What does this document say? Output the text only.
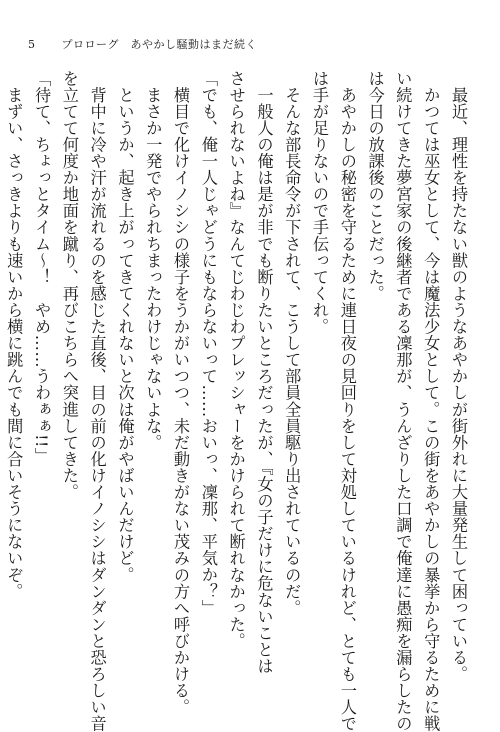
5 プロローグ　あやかし騒動はまだ続く
　最近、理性を持たない獣のようなあやかしが街外れに大量発生して困っている。
　かつては巫女として、今は魔法少女として。この街をあやかしの暴挙から守るために戦
い続けてきた夢宮家の後継者である凜那が、うんざりした口調で俺達に愚痴を漏らしたの
は今日の放課後のことだった。
　あやかしの秘密を守るために連日夜の見回りをして対処しているけれど、とても一人で
は手が足りないので手伝ってくれ。
　そんな部長命令が下されて、こうして部員全員駆り出されているのだ。
　一般人の俺は是が非でも断りたいところだったが、『女の子だけに危ないことは
させられないよね』なんてじわじわプレッシャーをかけられて断れなかった。
「でも、俺一人じゃどうにもならないって……おいっ、凜那、平気か？」
　横目で化けイノシシの様子をうかがいつつ、未だ動きがない茂みの方へ呼びかける。
　まさか一発でやられちまったわけじゃないよな。
　というか、起き上がってきてくれないと次は俺がやばいんだけど。
　背中に冷や汗が流れるのを感じた直後、目の前の化けイノシシはダンダンと恐ろしい音
を立てて何度か地面を蹴り、再びこちらへ突進してきた。
「待て、ちょっとタイム～！　やめ……うわぁぁ!!」
　まずい、さっきよりも速いから横に跳んでも間に合いそうにないぞ。
